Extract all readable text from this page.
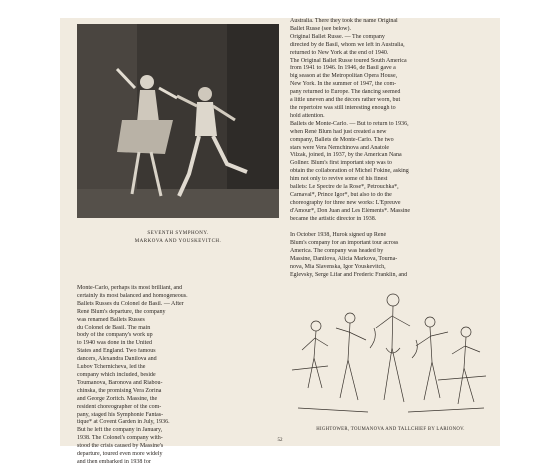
SEVENTH SYMPHONY.
MARKOVA AND YOUSKEVITCH.

Australia. There they took the name Original

Ballet Russe (see below).

Original Ballet Russe. — The company

directed by de Basil, whom we left in Australia,

returned to New York at the end of 1940.

The Original Ballet Russe toured South America

from 1941 to 1946. In 1946, de Basil gave a

big season at the Metropolitan Opera House,

New York. In the summer of 1947, the com-

pany returned to Europe. The dancing seemed

a little uneven and the décors rather worn, but

the repertoire was still interesting enough to

hold attention.

Ballets de Monte-Carlo. — But to return to 1936,

when René Blum had just created a new

company, Ballets de Monte-Carlo. The two

stars were Vera Nemchinova and Anatole

Vilzak, joined, in 1937, by the American Nana

Gollner. Blum's first important step was to

obtain the collaboration of Michel Fokine, asking

him not only to revive some of his finest

ballets: Le Spectre de la Rose*, Petrouchka*,

Carnaval*, Prince Igor*, but also to do the

choreography for three new works: L'Epreuve

d'Amour*, Don Juan and Les Eléments*. Massine

became the artistic director in 1938.

In October 1938, Hurok signed up René

Blum's company for an important tour across

America. The company was headed by

Massine, Danilova, Alicia Markova, Tourna-

nova, Mia Slavenska, Igor Youskevitch,

Eglevsky, Serge Lifar and Frederic Franklin, and

Monte-Carlo, perhaps its most brilliant, and

certainly its most balanced and homogeneous.

Ballets Russes du Colonel de Basil. — After

René Blum's departure, the company

was renamed Ballets Russes

du Colonel de Basil. The main

body of the company's work up

to 1940 was done in the United

States and England. Two famous

dancers, Alexandra Danilova and

Lubov Tchernicheva, led the

company which included, beside

Toumanova, Baronova and Riabou-

chinska, the promising Vera Zorina

and George Zoritch. Massine, the

resident choreographer of the com-

pany, staged his Symphonie Fantas-

tique* at Covent Garden in July, 1936.

But he left the company in January,

1938. The Colonel's company with-

stood the crisis caused by Massine's

departure, toured even more widely

and then embarked in 1938 for

HIGHTOWER, TOUMANOVA AND TALLCHIEF BY LARIONOV.
52
